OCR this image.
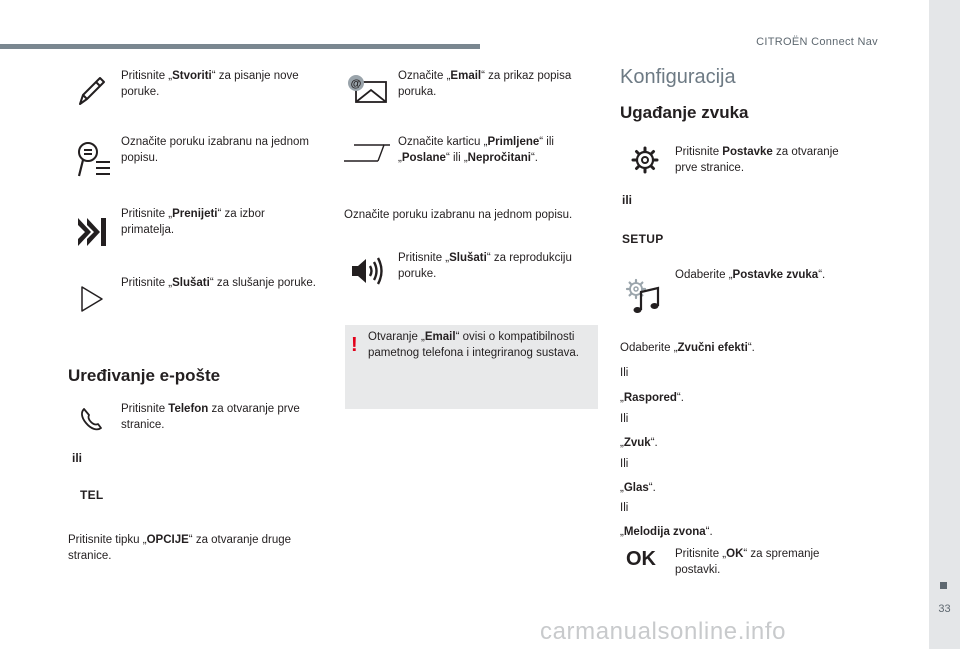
CITROËN Connect Nav
33
carmanualsonline.info
Pritisnite „Stvoriti“ za pisanje nove poruke.
Označite poruku izabranu na jednom popisu.
Pritisnite „Prenijeti“ za izbor primatelja.
Pritisnite „Slušati“ za slušanje poruke.
Uređivanje e-pošte
Pritisnite Telefon za otvaranje prve stranice.
ili
TEL
Pritisnite tipku „OPCIJE“ za otvaranje druge stranice.
@
Označite „Email“ za prikaz popisa poruka.
Označite karticu „Primljene“ ili „Poslane“ ili „Nepročitani“.
Označite poruku izabranu na jednom popisu.
Pritisnite „Slušati“ za reprodukciju poruke.
! Otvaranje „Email“ ovisi o kompatibilnosti pametnog telefona i integriranog sustava.
Konfiguracija
Ugađanje zvuka
Pritisnite Postavke za otvaranje prve stranice.
ili
SETUP
Odaberite „Postavke zvuka“.
Odaberite „Zvučni efekti“.
Ili
„Raspored“.
Ili
„Zvuk“.
Ili
„Glas“.
Ili
„Melodija zvona“.
OK Pritisnite „OK“ za spremanje postavki.
